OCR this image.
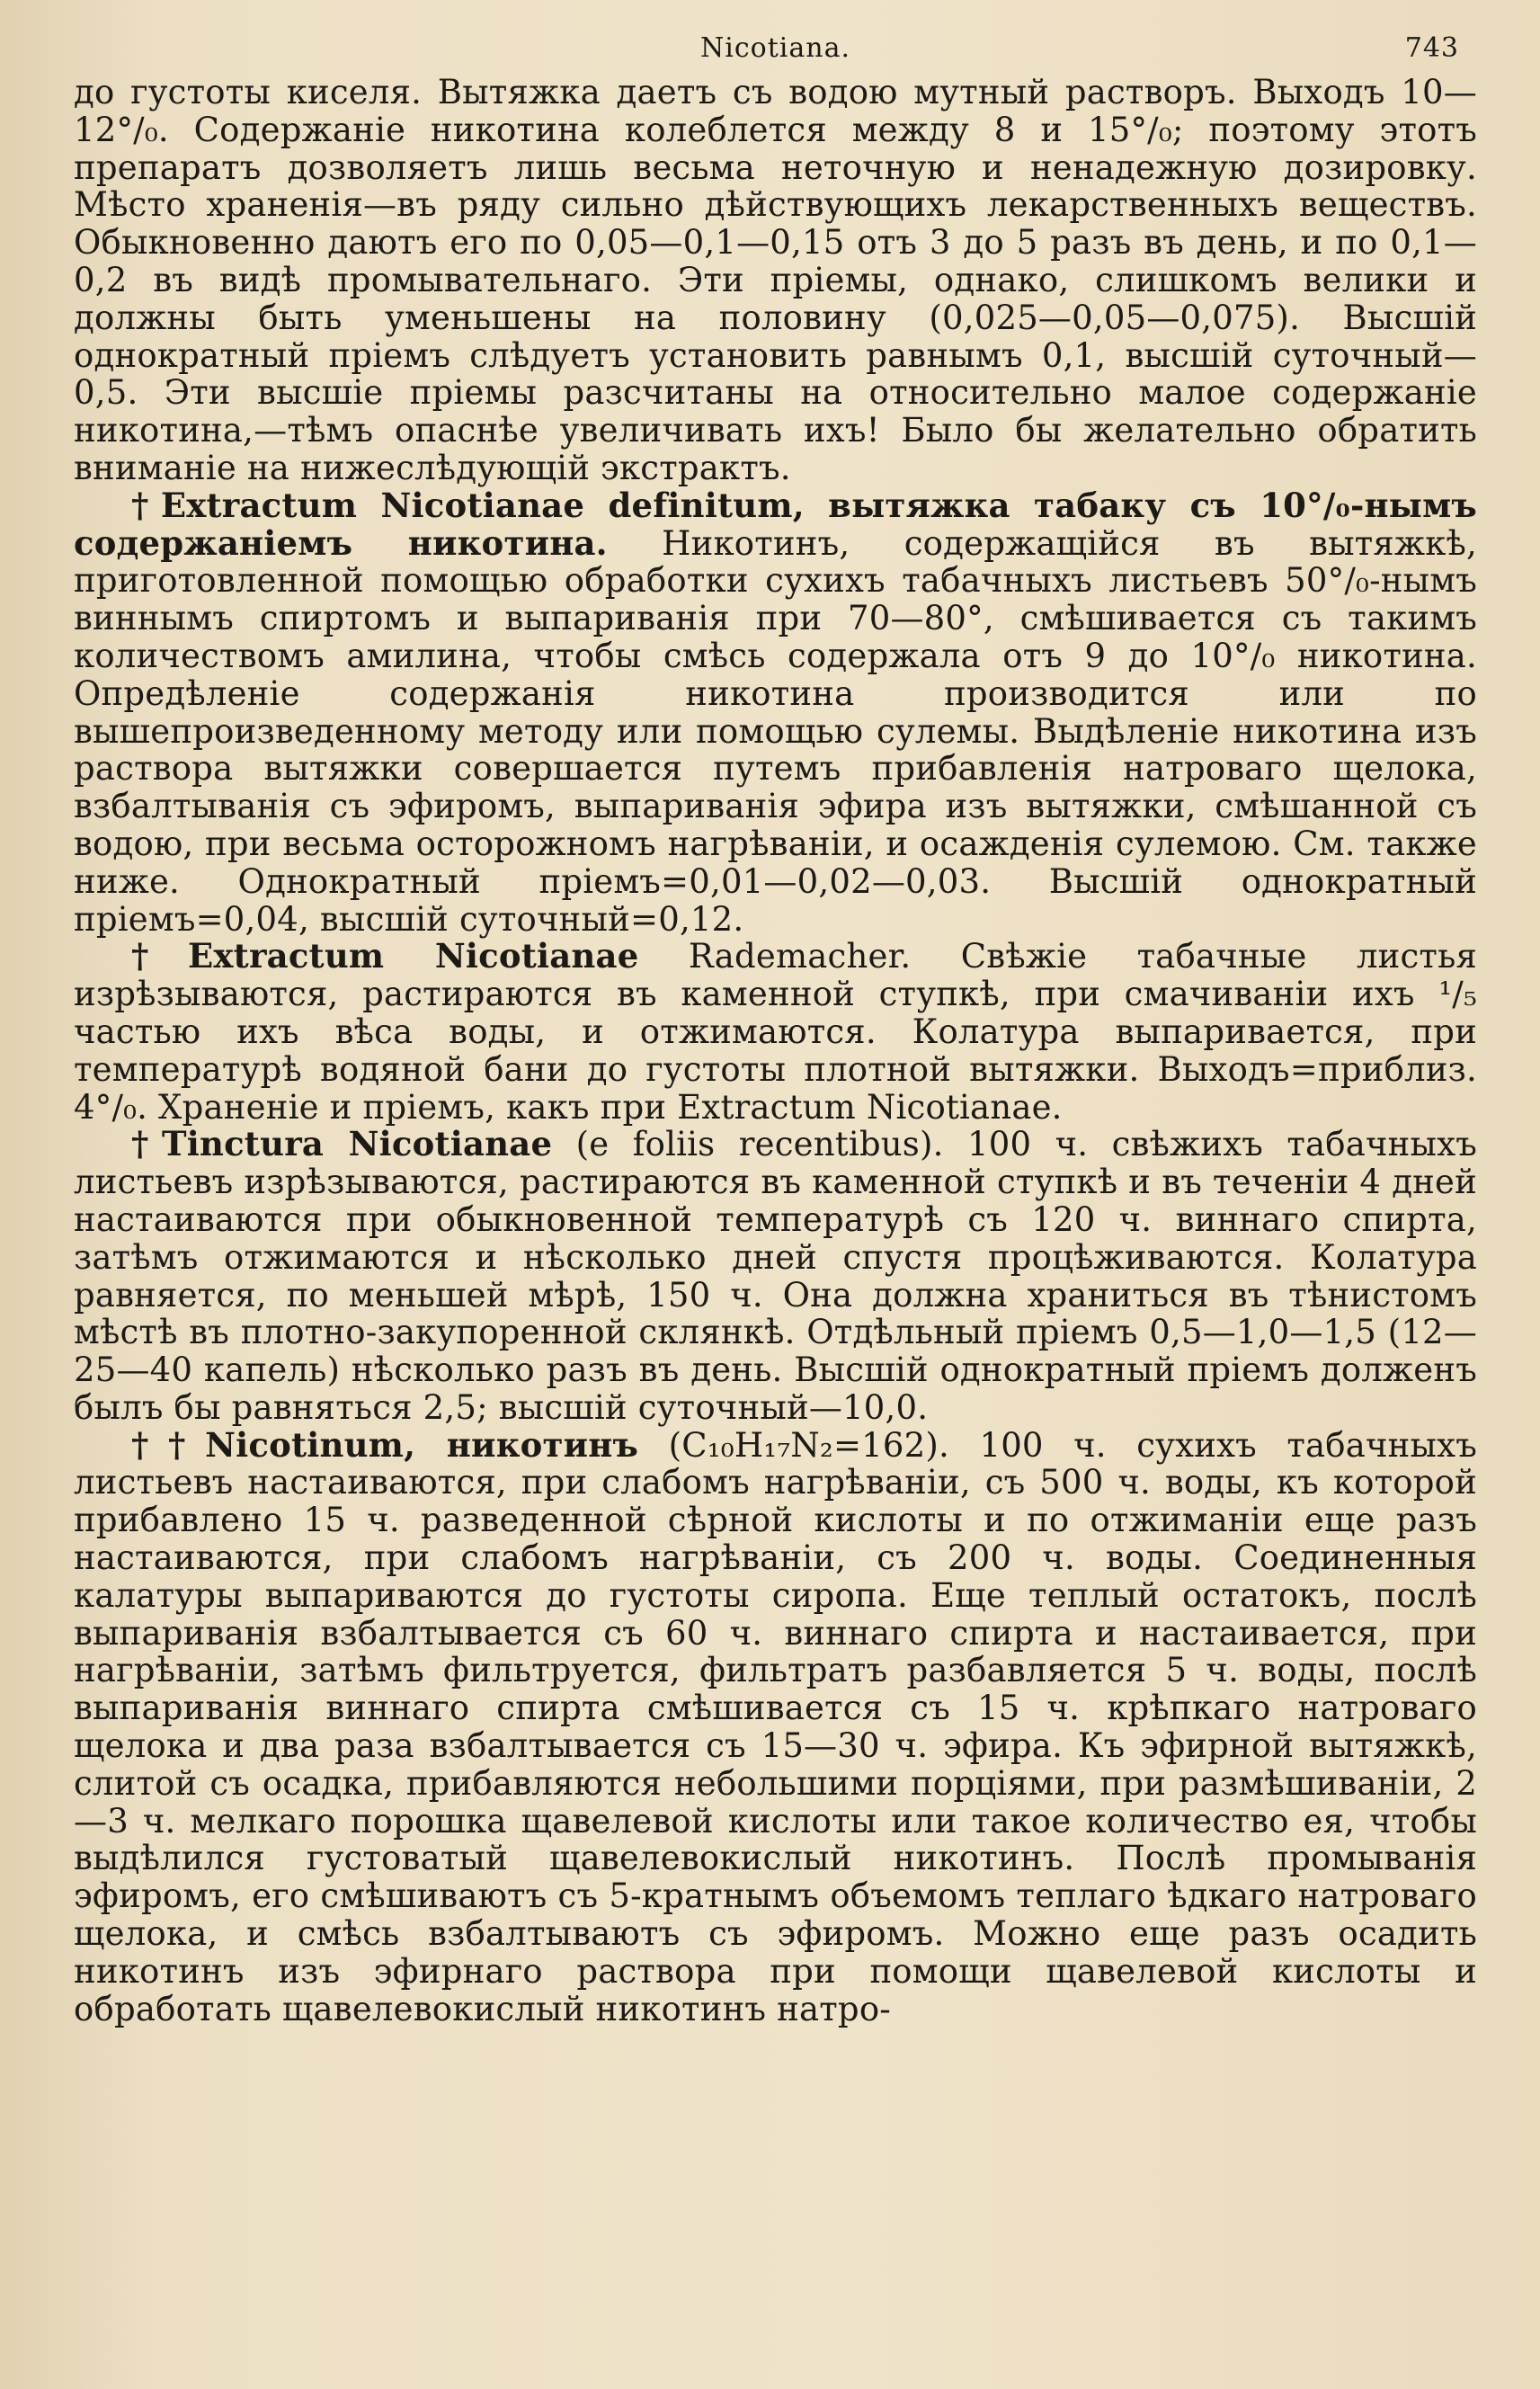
Nicotiana.	743

до густоты киселя. Вытяжка даетъ съ водою мутный растворъ. Выходъ 10—12°/₀. Содержаніе никотина колеблется между 8 и 15°/₀; поэтому этотъ препаратъ дозволяетъ лишь весьма неточную и ненадежную дозировку. Мѣсто храненія—въ ряду сильно дѣйствующихъ лекарственныхъ веществъ. Обыкновенно даютъ его по 0,05—0,1—0,15 отъ 3 до 5 разъ въ день, и по 0,1—0,2 въ видѣ промывательнаго. Эти пріемы, однако, слишкомъ велики и должны быть уменьшены на половину (0,025—0,05—0,075). Высшій однократный пріемъ слѣдуетъ установить равнымъ 0,1, высшій суточный—0,5. Эти высшіе пріемы разсчитаны на относительно малое содержаніе никотина,—тѣмъ опаснѣе увеличивать ихъ! Было бы желательно обратить вниманіе на нижеслѣдующій экстрактъ.

†Extractum Nicotianae definitum, вытяжка табаку съ 10°/₀-нымъ содержаніемъ никотина. Никотинъ, содержащійся въ вытяжкѣ, приготовленной помощью обработки сухихъ табачныхъ листьевъ 50°/₀-нымъ виннымъ спиртомъ и выпариванія при 70—80°, смѣшивается съ такимъ количествомъ амилина, чтобы смѣсь содержала отъ 9 до 10°/₀ никотина. Опредѣленіе содержанія никотина производится или по вышепроизведенному методу или помощью сулемы. Выдѣленіе никотина изъ раствора вытяжки совершается путемъ прибавленія натроваго щелока, взбалтыванія съ эфиромъ, выпариванія эфира изъ вытяжки, смѣшанной съ водою, при весьма осторожномъ нагрѣваніи, и осажденія сулемою. См. также ниже. Однократный пріемъ=0,01—0,02—0,03. Высшій однократный пріемъ=0,04, высшій суточный=0,12.

†Extractum Nicotianae Rademacher. Свѣжіе табачные листья изрѣзываются, растираются въ каменной ступкѣ, при смачиваніи ихъ ¹/₅ частью ихъ вѣса воды, и отжимаются. Колатура выпаривается, при температурѣ водяной бани до густоты плотной вытяжки. Выходъ=приблиз. 4°/₀. Храненіе и пріемъ, какъ при Extractum Nicotianae.

†Tinctura Nicotianae (e foliis recentibus). 100 ч. свѣжихъ табачныхъ листьевъ изрѣзываются, растираются въ каменной ступкѣ и въ теченіи 4 дней настаиваются при обыкновенной температурѣ съ 120 ч. виннаго спирта, затѣмъ отжимаются и нѣсколько дней спустя процѣживаются. Колатура равняется, по меньшей мѣрѣ, 150 ч. Она должна храниться въ тѣнистомъ мѣстѣ въ плотно-закупоренной склянкѣ. Отдѣльный пріемъ 0,5—1,0—1,5 (12—25—40 капель) нѣсколько разъ въ день. Высшій однократный пріемъ долженъ былъ бы равняться 2,5; высшій суточный—10,0.

††Nicotinum, никотинъ (C₁₀H₁₇N₂=162). 100 ч. сухихъ табачныхъ листьевъ настаиваются, при слабомъ нагрѣваніи, съ 500 ч. воды, къ которой прибавлено 15 ч. разведенной сѣрной кислоты и по отжиманіи еще разъ настаиваются, при слабомъ нагрѣваніи, съ 200 ч. воды. Соединенныя калатуры выпариваются до густоты сиропа. Еще теплый остатокъ, послѣ выпариванія взбалтывается съ 60 ч. виннаго спирта и настаивается, при нагрѣваніи, затѣмъ фильтруется, фильтратъ разбавляется 5 ч. воды, послѣ выпариванія виннаго спирта смѣшивается съ 15 ч. крѣпкаго натроваго щелока и два раза взбалтывается съ 15—30 ч. эфира. Къ эфирной вытяжкѣ, слитой съ осадка, прибавляются небольшими порціями, при размѣшиваніи, 2—3 ч. мелкаго порошка щавелевой кислоты или такое количество ея, чтобы выдѣлился густоватый щавелевокислый никотинъ. Послѣ промыванія эфиромъ, его смѣшиваютъ съ 5-кратнымъ объемомъ теплаго ѣдкаго натроваго щелока, и смѣсь взбалтываютъ съ эфиромъ. Можно еще разъ осадить никотинъ изъ эфирнаго раствора при помощи щавелевой кислоты и обработать щавелевокислый никотинъ натро-
